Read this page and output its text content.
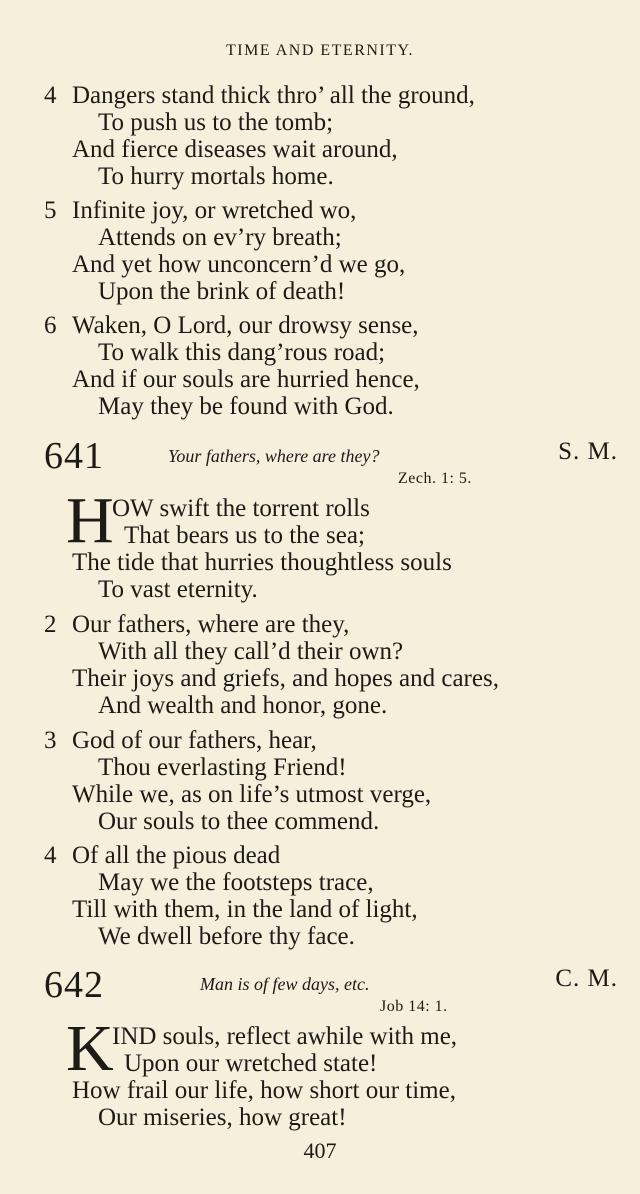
TIME AND ETERNITY.
4 Dangers stand thick thro’ all the ground,
To push us to the tomb;
And fierce diseases wait around,
To hurry mortals home.
5 Infinite joy, or wretched wo,
Attends on ev’ry breath;
And yet how unconcern’d we go,
Upon the brink of death!
6 Waken, O Lord, our drowsy sense,
To walk this dang’rous road;
And if our souls are hurried hence,
May they be found with God.
641	Your fathers, where are they?	S. M.
Zech. 1: 5.
H
OW swift the torrent rolls
That bears us to the sea;
The tide that hurries thoughtless souls
To vast eternity.
2 Our fathers, where are they,
With all they call’d their own?
Their joys and griefs, and hopes and cares,
And wealth and honor, gone.
3 God of our fathers, hear,
Thou everlasting Friend!
While we, as on life’s utmost verge,
Our souls to thee commend.
4 Of all the pious dead
May we the footsteps trace,
Till with them, in the land of light,
We dwell before thy face.
642	Man is of few days, etc.	C. M.
Job 14: 1.
K
IND souls, reflect awhile with me,
Upon our wretched state!
How frail our life, how short our time,
Our miseries, how great!
407
